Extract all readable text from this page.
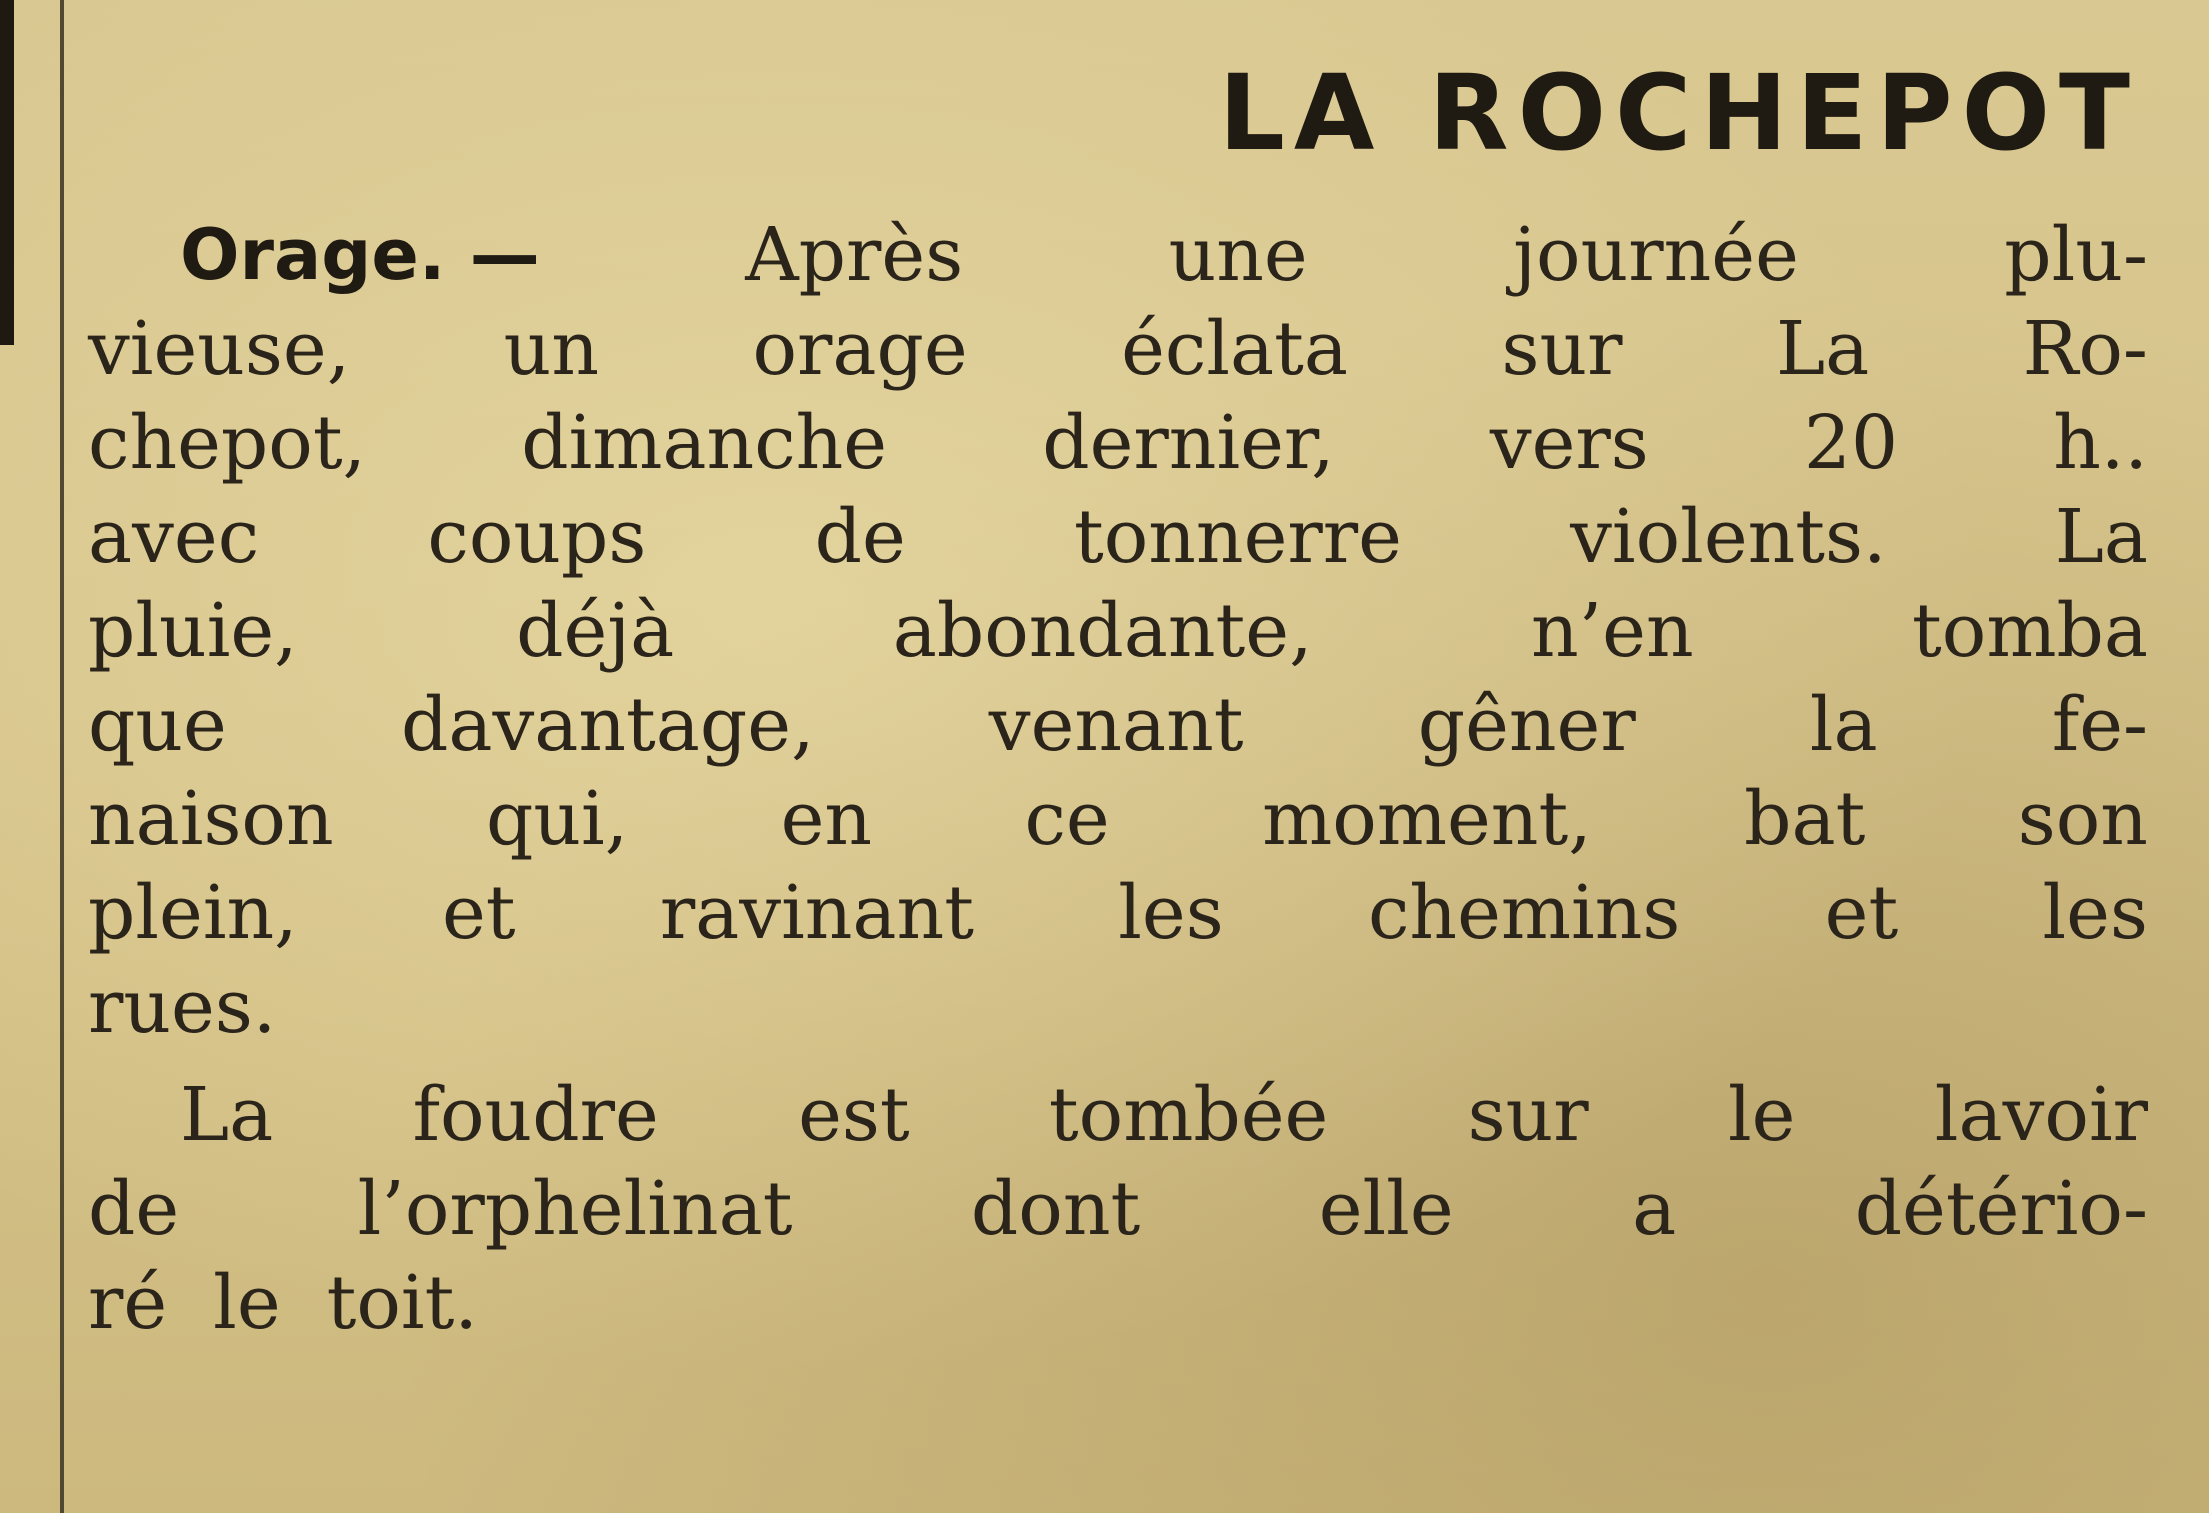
LA ROCHEPOT
Orage. —	Après	une	journée	plu-
vieuse, un orage éclata sur La Ro-
chepot, dimanche dernier, vers 20 h..
avec coups de tonnerre violents. La
pluie,	déjà	abondante,	n’en	tomba
que davantage, venant gêner la fe-
naison qui, en ce moment, bat son
plein, et ravinant les chemins et les
rues.
La foudre est tombée sur le lavoir
de l’orphelinat dont elle a détério-
ré le toit.
